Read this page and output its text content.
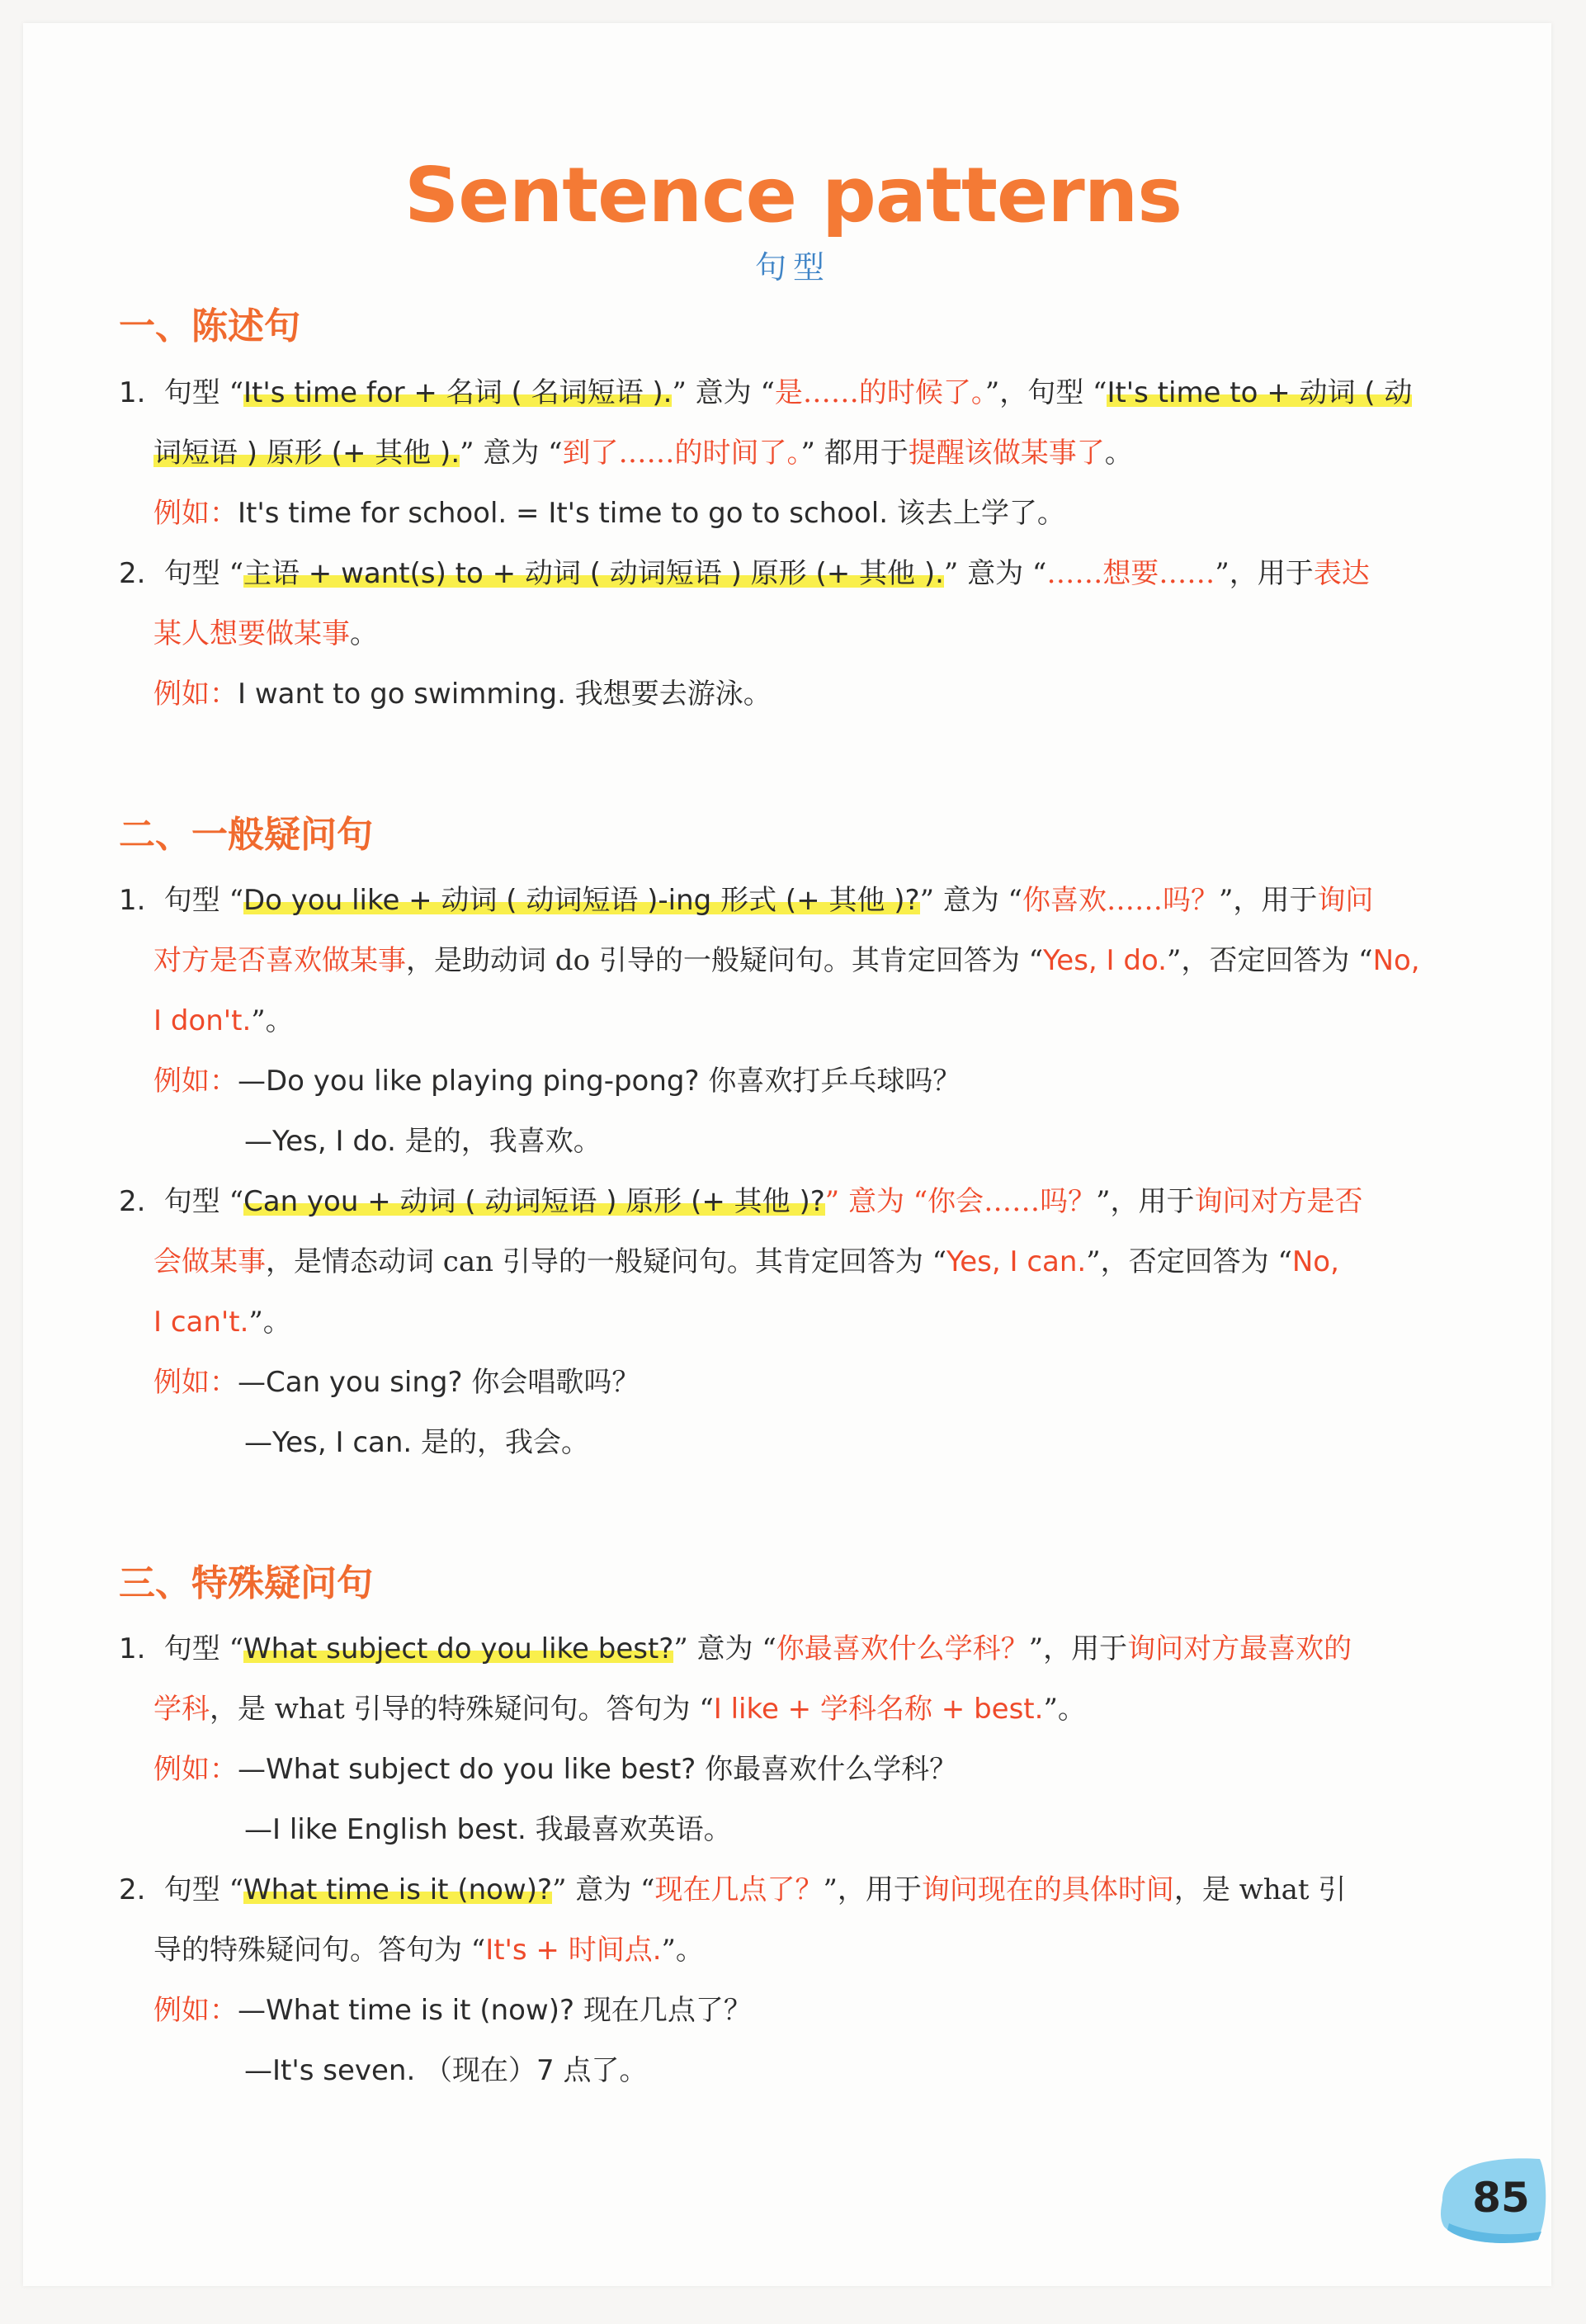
Sentence patterns
句型
一、陈述句
1. 句型 “It's time for + 名词 ( 名词短语 ).” 意为 “是……的时候了。”，句型 “It's time to + 动词 ( 动
词短语 ) 原形 (+ 其他 ).” 意为 “到了……的时间了。” 都用于提醒该做某事了。
例如：It's time for school. = It's time to go to school. 该去上学了。
2. 句型 “主语 + want(s) to + 动词 ( 动词短语 ) 原形 (+ 其他 ).” 意为 “……想要……”，用于表达
某人想要做某事。
例如：I want to go swimming. 我想要去游泳。
二、一般疑问句
1. 句型 “Do you like + 动词 ( 动词短语 )-ing 形式 (+ 其他 )?” 意为 “你喜欢……吗？”，用于询问
对方是否喜欢做某事，是助动词 do 引导的一般疑问句。其肯定回答为 “Yes, I do.”，否定回答为 “No,
I don't.”。
例如：—Do you like playing ping-pong? 你喜欢打乒乓球吗？
—Yes, I do. 是的，我喜欢。
2. 句型 “Can you + 动词 ( 动词短语 ) 原形 (+ 其他 )?” 意为 “你会……吗？”，用于询问对方是否
会做某事，是情态动词 can 引导的一般疑问句。其肯定回答为 “Yes, I can.”，否定回答为 “No,
I can't.”。
例如：—Can you sing? 你会唱歌吗？
—Yes, I can. 是的，我会。
三、特殊疑问句
1. 句型 “What subject do you like best?” 意为 “你最喜欢什么学科？”，用于询问对方最喜欢的
学科，是 what 引导的特殊疑问句。答句为 “I like + 学科名称 + best.”。
例如：—What subject do you like best? 你最喜欢什么学科？
—I like English best. 我最喜欢英语。
2. 句型 “What time is it (now)?” 意为 “现在几点了？”，用于询问现在的具体时间，是 what 引
导的特殊疑问句。答句为 “It's + 时间点.”。
例如：—What time is it (now)? 现在几点了？
—It's seven. （现在）7 点了。
85
